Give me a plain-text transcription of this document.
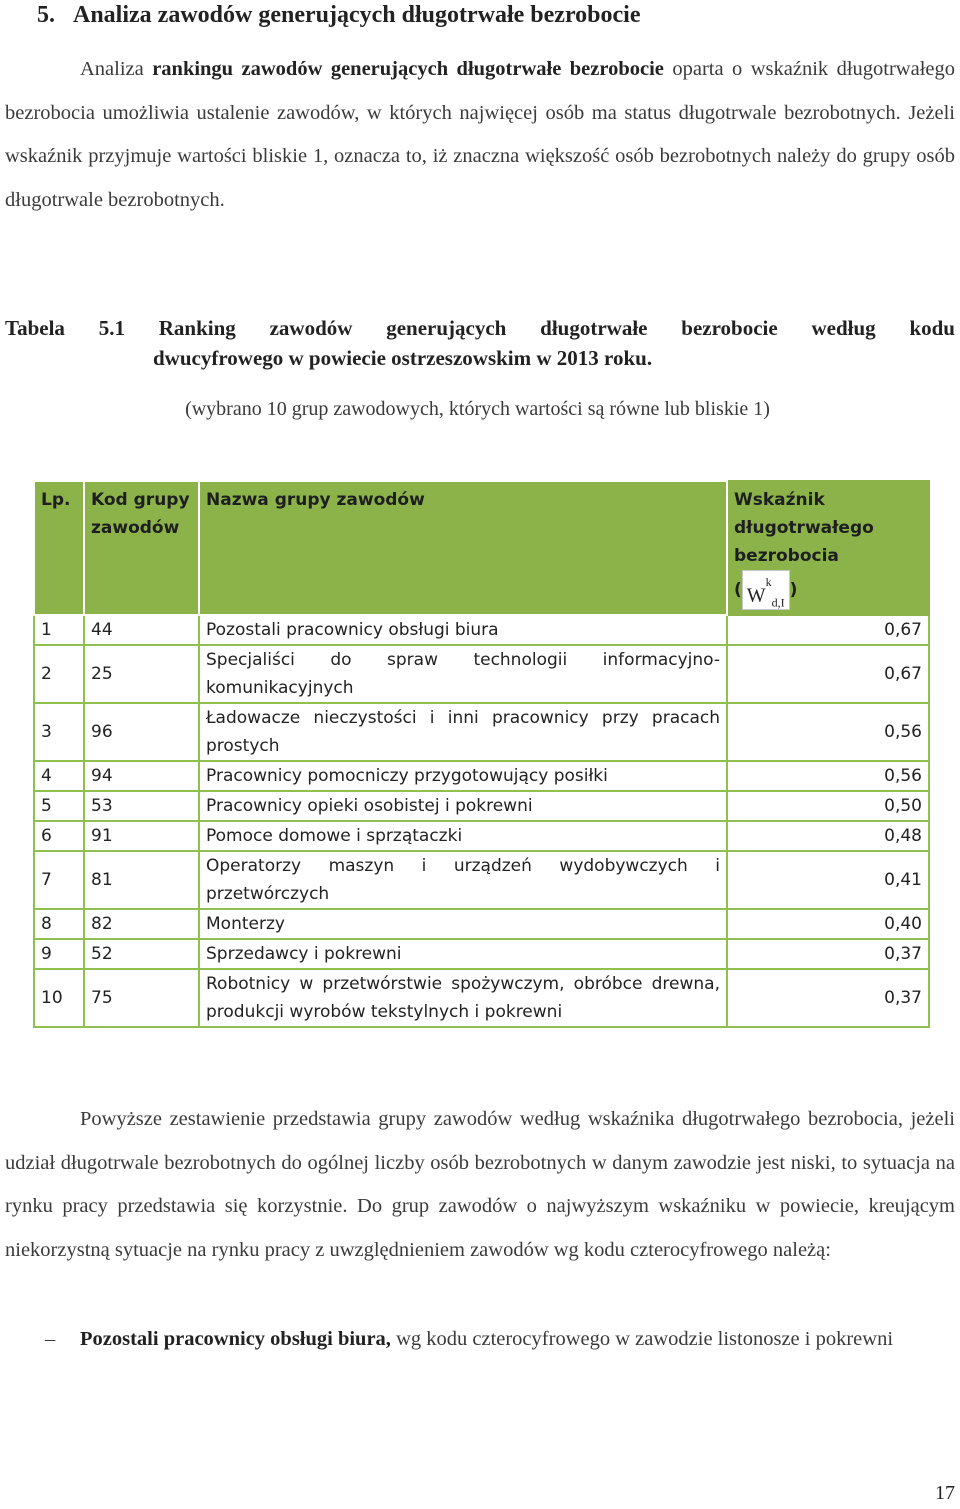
5. Analiza zawodów generujących długotrwałe bezrobocie

Analiza rankingu zawodów generujących długotrwałe bezrobocie oparta o wskaźnik długotrwałego bezrobocia umożliwia ustalenie zawodów, w których najwięcej osób ma status długotrwale bezrobotnych. Jeżeli wskaźnik przyjmuje wartości bliskie 1, oznacza to, iż znaczna większość osób bezrobotnych należy do grupy osób długotrwale bezrobotnych.

Tabela 5.1 Ranking zawodów generujących długotrwałe bezrobocie według kodu
dwucyfrowego w powiecie ostrzeszowskim w 2013 roku.

(wybrano 10 grup zawodowych, których wartości są równe lub bliskie 1)

Lp.	Kod grupy zawodów	Nazwa grupy zawodów	Wskaźnik długotrwałego bezrobocia
( $W^k_{d,I}$)

1	44	Pozostali pracownicy obsługi biura	0,67
2	25	Specjaliści do spraw technologii informacyjno-komunikacyjnych	0,67
3	96	Ładowacze nieczystości i inni pracownicy przy pracach prostych	0,56
4	94	Pracownicy pomocniczy przygotowujący posiłki	0,56
5	53	Pracownicy opieki osobistej i pokrewni	0,50
6	91	Pomoce domowe i sprzątaczki	0,48
7	81	Operatorzy maszyn i urządzeń wydobywczych i przetwórczych	0,41
8	82	Monterzy	0,40
9	52	Sprzedawcy i pokrewni	0,37
10	75	Robotnicy w przetwórstwie spożywczym, obróbce drewna, produkcji wyrobów tekstylnych i pokrewni	0,37

Powyższe zestawienie przedstawia grupy zawodów według wskaźnika długotrwałego bezrobocia, jeżeli udział długotrwale bezrobotnych do ogólnej liczby osób bezrobotnych w danym zawodzie jest niski, to sytuacja na rynku pracy przedstawia się korzystnie. Do grup zawodów o najwyższym wskaźniku w powiecie, kreującym niekorzystną sytuacje na rynku pracy z uwzględnieniem zawodów wg kodu czterocyfrowego należą:

–	Pozostali pracownicy obsługi biura, wg kodu czterocyfrowego w zawodzie listonosze i pokrewni
17
